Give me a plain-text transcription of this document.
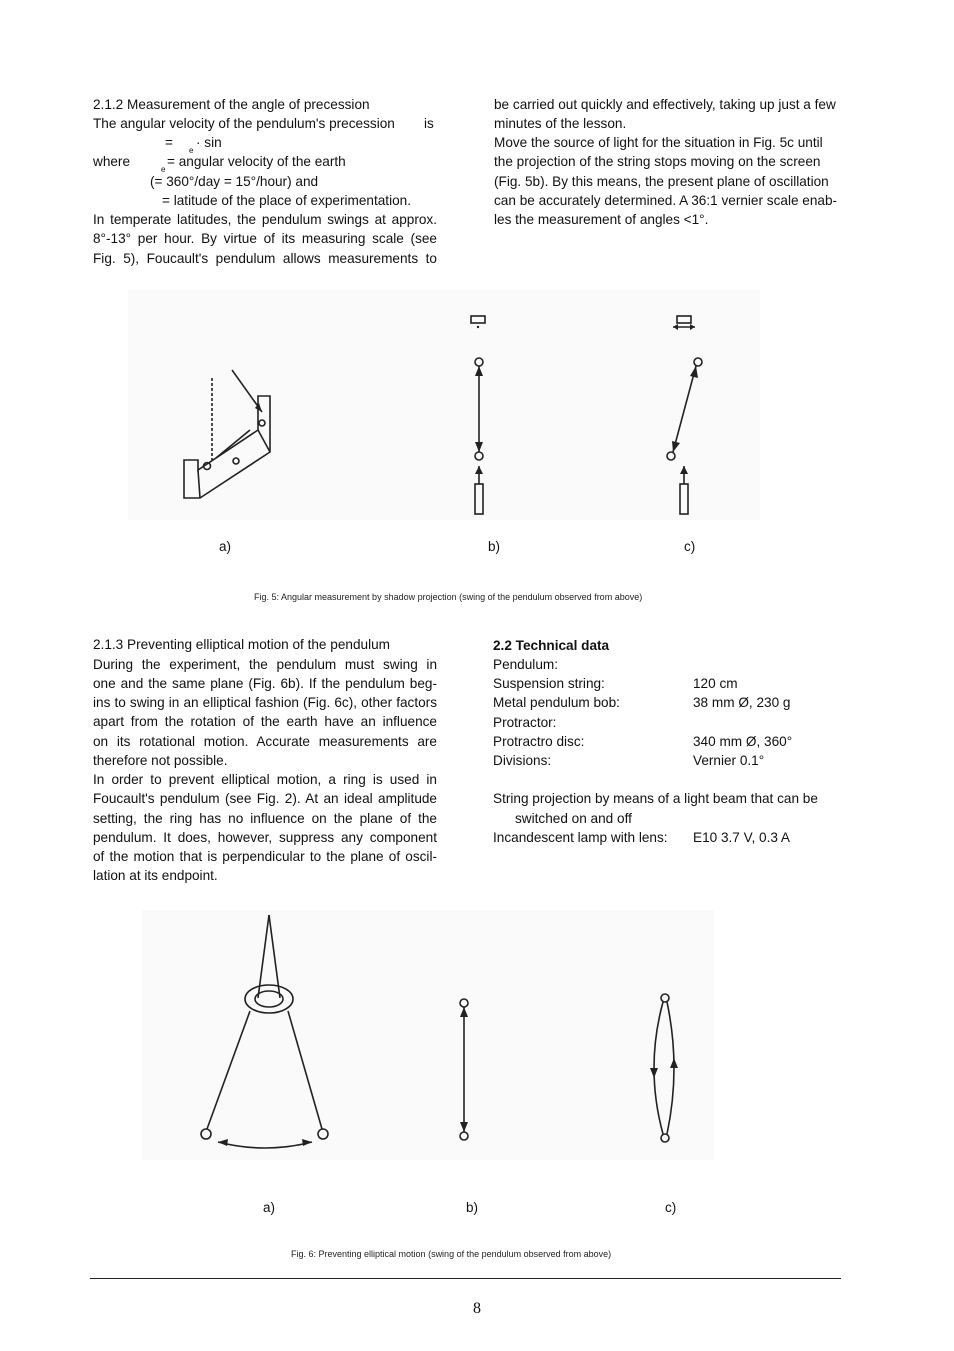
2.1.2 Measurement of the angle of precession
The angular velocity of the pendulum's precession is
=
e
· sin
where
e
= angular velocity of the earth
(= 360°/day = 15°/hour) and
= latitude of the place of experimentation.
In temperate latitudes, the pendulum swings at approx.
8°-13° per hour. By virtue of its measuring scale (see
Fig. 5), Foucault's pendulum allows measurements to
be carried out quickly and effectively, taking up just a few
minutes of the lesson.
Move the source of light for the situation in Fig. 5c until
the projection of the string stops moving on the screen
(Fig. 5b). By this means, the present plane of oscillation
can be accurately determined. A 36:1 vernier scale enab-
les the measurement of angles <1°.
a)	b)	c)
Fig. 5: Angular measurement by shadow projection (swing of the pendulum observed from above)
2.1.3 Preventing elliptical motion of the pendulum
During the experiment, the pendulum must swing in
one and the same plane (Fig. 6b). If the pendulum beg-
ins to swing in an elliptical fashion (Fig. 6c), other factors
apart from the rotation of the earth have an influence
on its rotational motion. Accurate measurements are
therefore not possible.
In order to prevent elliptical motion, a ring is used in
Foucault's pendulum (see Fig. 2). At an ideal amplitude
setting, the ring has no influence on the plane of the
pendulum. It does, however, suppress any component
of the motion that is perpendicular to the plane of oscil-
lation at its endpoint.
2.2 Technical data
Pendulum:
Suspension string:	120 cm
Metal pendulum bob:	38 mm Ø, 230 g
Protractor:
Protractro disc:	340 mm Ø, 360°
Divisions:	Vernier 0.1°
String projection by means of a light beam that can be
switched on and off
Incandescent lamp with lens: E10 3.7 V, 0.3 A
a)	b)	c)
Fig. 6: Preventing elliptical motion (swing of the pendulum observed from above)
8
